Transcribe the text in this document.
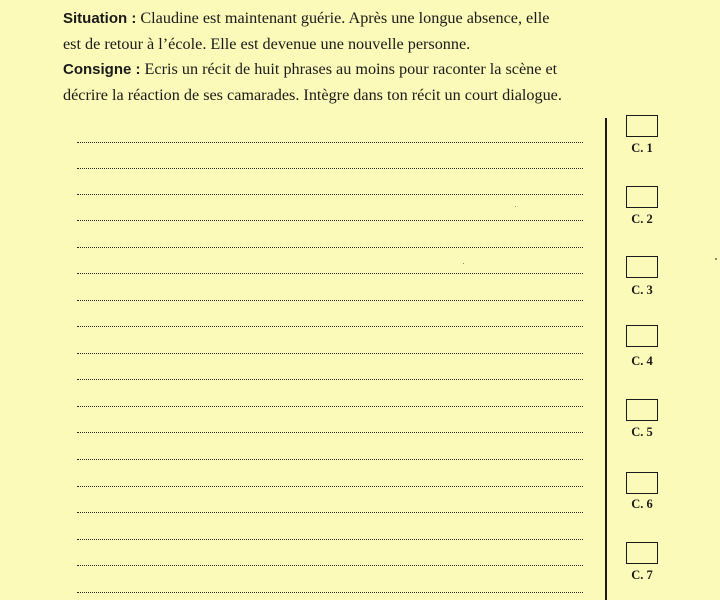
Situation : Claudine est maintenant guérie. Après une longue absence, elle

est de retour à l’école. Elle est devenue une nouvelle personne.

Consigne : Ecris un récit de huit phrases au moins pour raconter la scène et

décrire la réaction de ses camarades. Intègre dans ton récit un court dialogue.

C. 1
C. 2
C. 3
C. 4
C. 5
C. 6
C. 7
